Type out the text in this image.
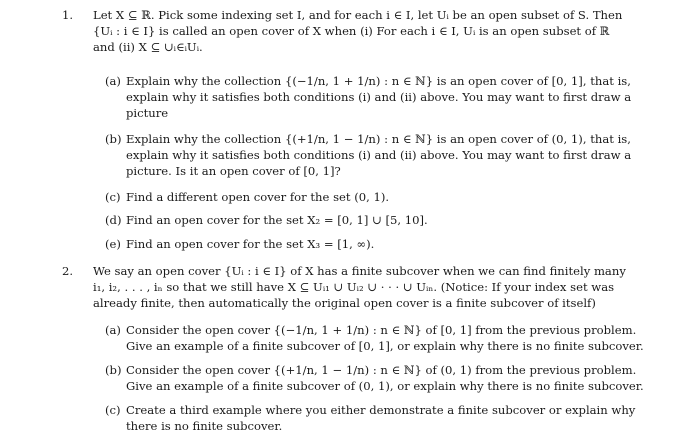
1. Let X ⊆ ℝ. Pick some indexing set I, and for each i ∈ I, let Uᵢ be an open subset of S. Then
{Uᵢ : i ∈ I} is called an open cover of X when (i) For each i ∈ I, Uᵢ is an open subset of ℝ
and (ii) X ⊆ ∪ᵢ∈ᵢUᵢ.
(a) Explain why the collection {(−1/n, 1 + 1/n) : n ∈ ℕ} is an open cover of [0, 1], that is,
explain why it satisfies both conditions (i) and (ii) above. You may want to first draw a
picture
(b) Explain why the collection {(+1/n, 1 − 1/n) : n ∈ ℕ} is an open cover of (0, 1), that is,
explain why it satisfies both conditions (i) and (ii) above. You may want to first draw a
picture. Is it an open cover of [0, 1]?
(c) Find a different open cover for the set (0, 1).
(d) Find an open cover for the set X₂ = [0, 1] ∪ [5, 10].
(e) Find an open cover for the set X₃ = [1, ∞).
2. We say an open cover {Uᵢ : i ∈ I} of X has a finite subcover when we can find finitely many
i₁, i₂, . . . , iₙ so that we still have X ⊆ Uᵢ₁ ∪ Uᵢ₂ ∪ · · · ∪ Uᵢₙ. (Notice: If your index set was
already finite, then automatically the original open cover is a finite subcover of itself)
(a) Consider the open cover {(−1/n, 1 + 1/n) : n ∈ ℕ} of [0, 1] from the previous problem.
Give an example of a finite subcover of [0, 1], or explain why there is no finite subcover.
(b) Consider the open cover {(+1/n, 1 − 1/n) : n ∈ ℕ} of (0, 1) from the previous problem.
Give an example of a finite subcover of (0, 1), or explain why there is no finite subcover.
(c) Create a third example where you either demonstrate a finite subcover or explain why
there is no finite subcover.
